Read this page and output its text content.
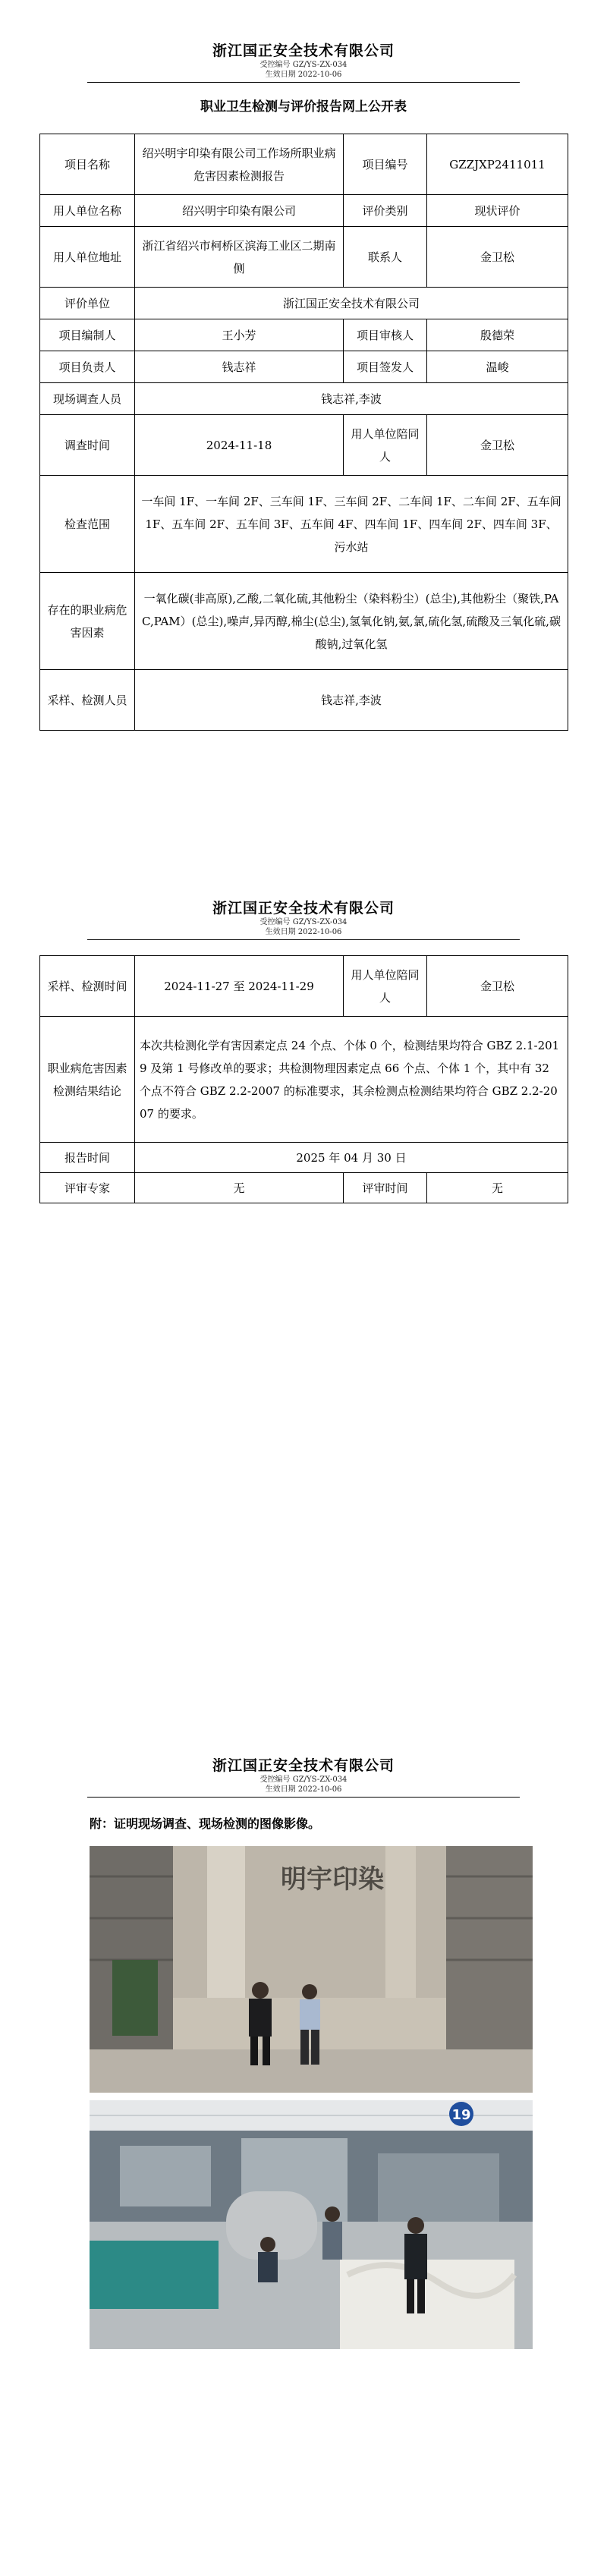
浙江国正安全技术有限公司
受控编号 GZ/YS-ZX-034
生效日期 2022-10-06
职业卫生检测与评价报告网上公开表
项目名称	绍兴明宇印染有限公司工作场所职业病危害因素检测报告	项目编号	GZZJXP2411011
用人单位名称	绍兴明宇印染有限公司	评价类别	现状评价
用人单位地址	浙江省绍兴市柯桥区滨海工业区二期南侧	联系人	金卫松
评价单位	浙江国正安全技术有限公司		
项目编制人	王小芳	项目审核人	殷德荣
项目负责人	钱志祥	项目签发人	温峻
现场调查人员	钱志祥,李波		
调查时间	2024-11-18	用人单位陪同人	金卫松
检查范围	一车间 1F、一车间 2F、三车间 1F、三车间 2F、二车间 1F、二车间 2F、五车间 1F、五车间 2F、五车间 3F、五车间 4F、四车间 1F、四车间 2F、四车间 3F、污水站		
存在的职业病危害因素	一氧化碳(非高原),乙酸,二氧化硫,其他粉尘（染料粉尘）(总尘),其他粉尘（聚铁,PAC,PAM）(总尘),噪声,异丙醇,棉尘(总尘),氢氧化钠,氨,氯,硫化氢,硫酸及三氧化硫,碳酸钠,过氧化氢		
采样、检测人员	钱志祥,李波		
浙江国正安全技术有限公司
受控编号 GZ/YS-ZX-034
生效日期 2022-10-06
采样、检测时间	2024-11-27 至 2024-11-29	用人单位陪同人	金卫松
职业病危害因素检测结果结论	本次共检测化学有害因素定点 24 个点、个体 0 个，检测结果均符合 GBZ 2.1-2019 及第 1 号修改单的要求；共检测物理因素定点 66 个点、个体 1 个，其中有 32 个点不符合 GBZ 2.2-2007 的标准要求，其余检测点检测结果均符合 GBZ 2.2-2007 的要求。		
报告时间	2025 年 04 月 30 日		
评审专家	无	评审时间	无
浙江国正安全技术有限公司
受控编号 GZ/YS-ZX-034
生效日期 2022-10-06
附：证明现场调查、现场检测的图像影像。
明宇印染
19
